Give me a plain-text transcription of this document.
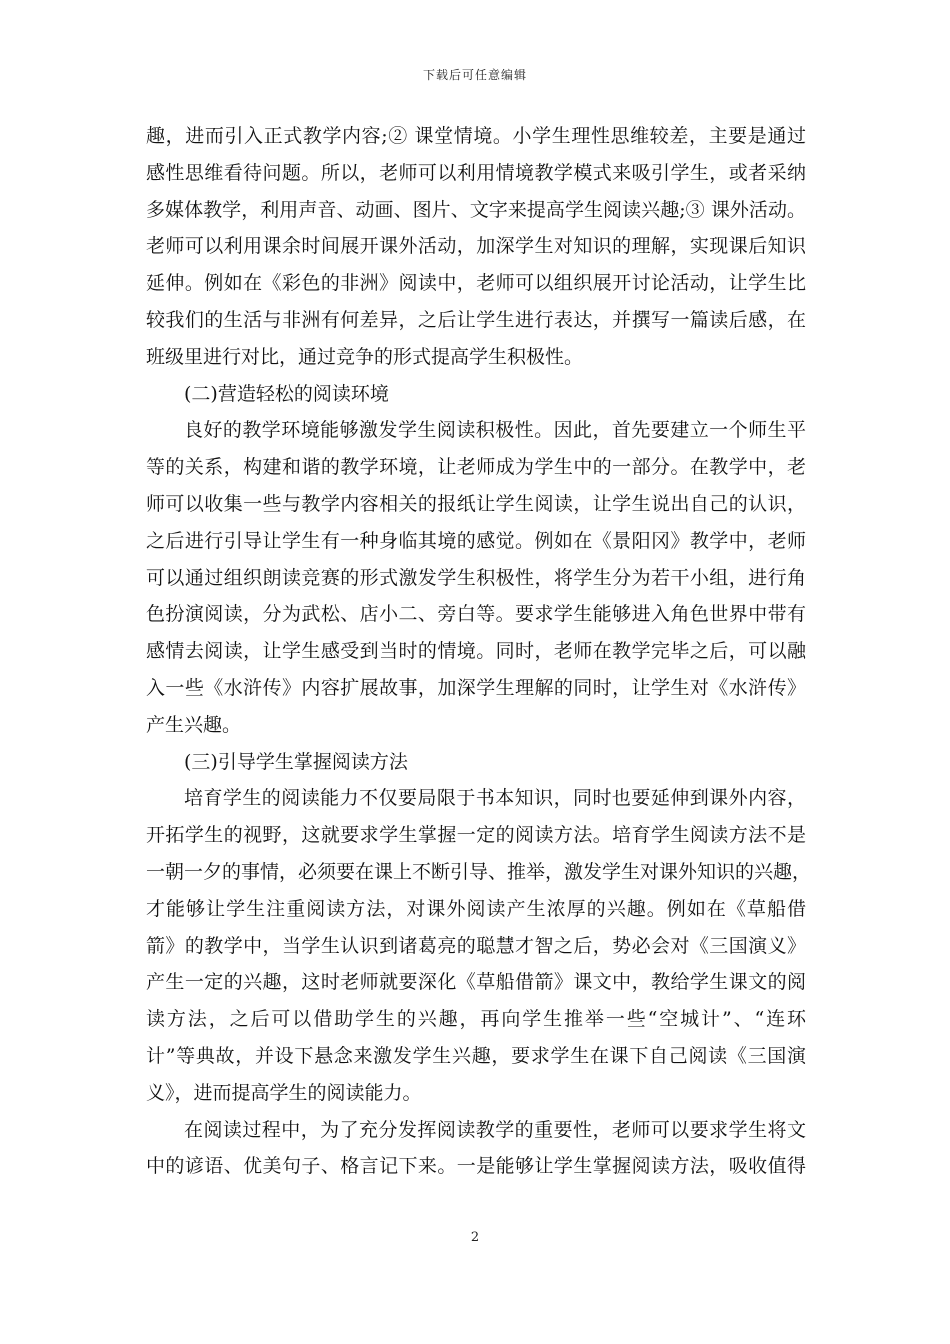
下载后可任意编辑
趣，进而引入正式教学内容;② 课堂情境。小学生理性思维较差，主要是通过
感性思维看待问题。所以，老师可以利用情境教学模式来吸引学生，或者采纳
多媒体教学，利用声音、动画、图片、文字来提高学生阅读兴趣;③ 课外活动。
老师可以利用课余时间展开课外活动，加深学生对知识的理解，实现课后知识
延伸。例如在《彩色的非洲》阅读中，老师可以组织展开讨论活动，让学生比
较我们的生活与非洲有何差异，之后让学生进行表达，并撰写一篇读后感，在
班级里进行对比，通过竞争的形式提高学生积极性。
(二)营造轻松的阅读环境
良好的教学环境能够激发学生阅读积极性。因此，首先要建立一个师生平
等的关系，构建和谐的教学环境，让老师成为学生中的一部分。在教学中，老
师可以收集一些与教学内容相关的报纸让学生阅读，让学生说出自己的认识，
之后进行引导让学生有一种身临其境的感觉。例如在《景阳冈》教学中，老师
可以通过组织朗读竞赛的形式激发学生积极性，将学生分为若干小组，进行角
色扮演阅读，分为武松、店小二、旁白等。要求学生能够进入角色世界中带有
感情去阅读，让学生感受到当时的情境。同时，老师在教学完毕之后，可以融
入一些《水浒传》内容扩展故事，加深学生理解的同时，让学生对《水浒传》
产生兴趣。
(三)引导学生掌握阅读方法
培育学生的阅读能力不仅要局限于书本知识，同时也要延伸到课外内容，
开拓学生的视野，这就要求学生掌握一定的阅读方法。培育学生阅读方法不是
一朝一夕的事情，必须要在课上不断引导、推举，激发学生对课外知识的兴趣，
才能够让学生注重阅读方法，对课外阅读产生浓厚的兴趣。例如在《草船借
箭》的教学中，当学生认识到诸葛亮的聪慧才智之后，势必会对《三国演义》
产生一定的兴趣，这时老师就要深化《草船借箭》课文中，教给学生课文的阅
读方法，之后可以借助学生的兴趣，再向学生推举一些“空城计”、“连环
计”等典故，并设下悬念来激发学生兴趣，要求学生在课下自己阅读《三国演
义》，进而提高学生的阅读能力。
在阅读过程中，为了充分发挥阅读教学的重要性，老师可以要求学生将文
中的谚语、优美句子、格言记下来。一是能够让学生掌握阅读方法，吸收值得
2
